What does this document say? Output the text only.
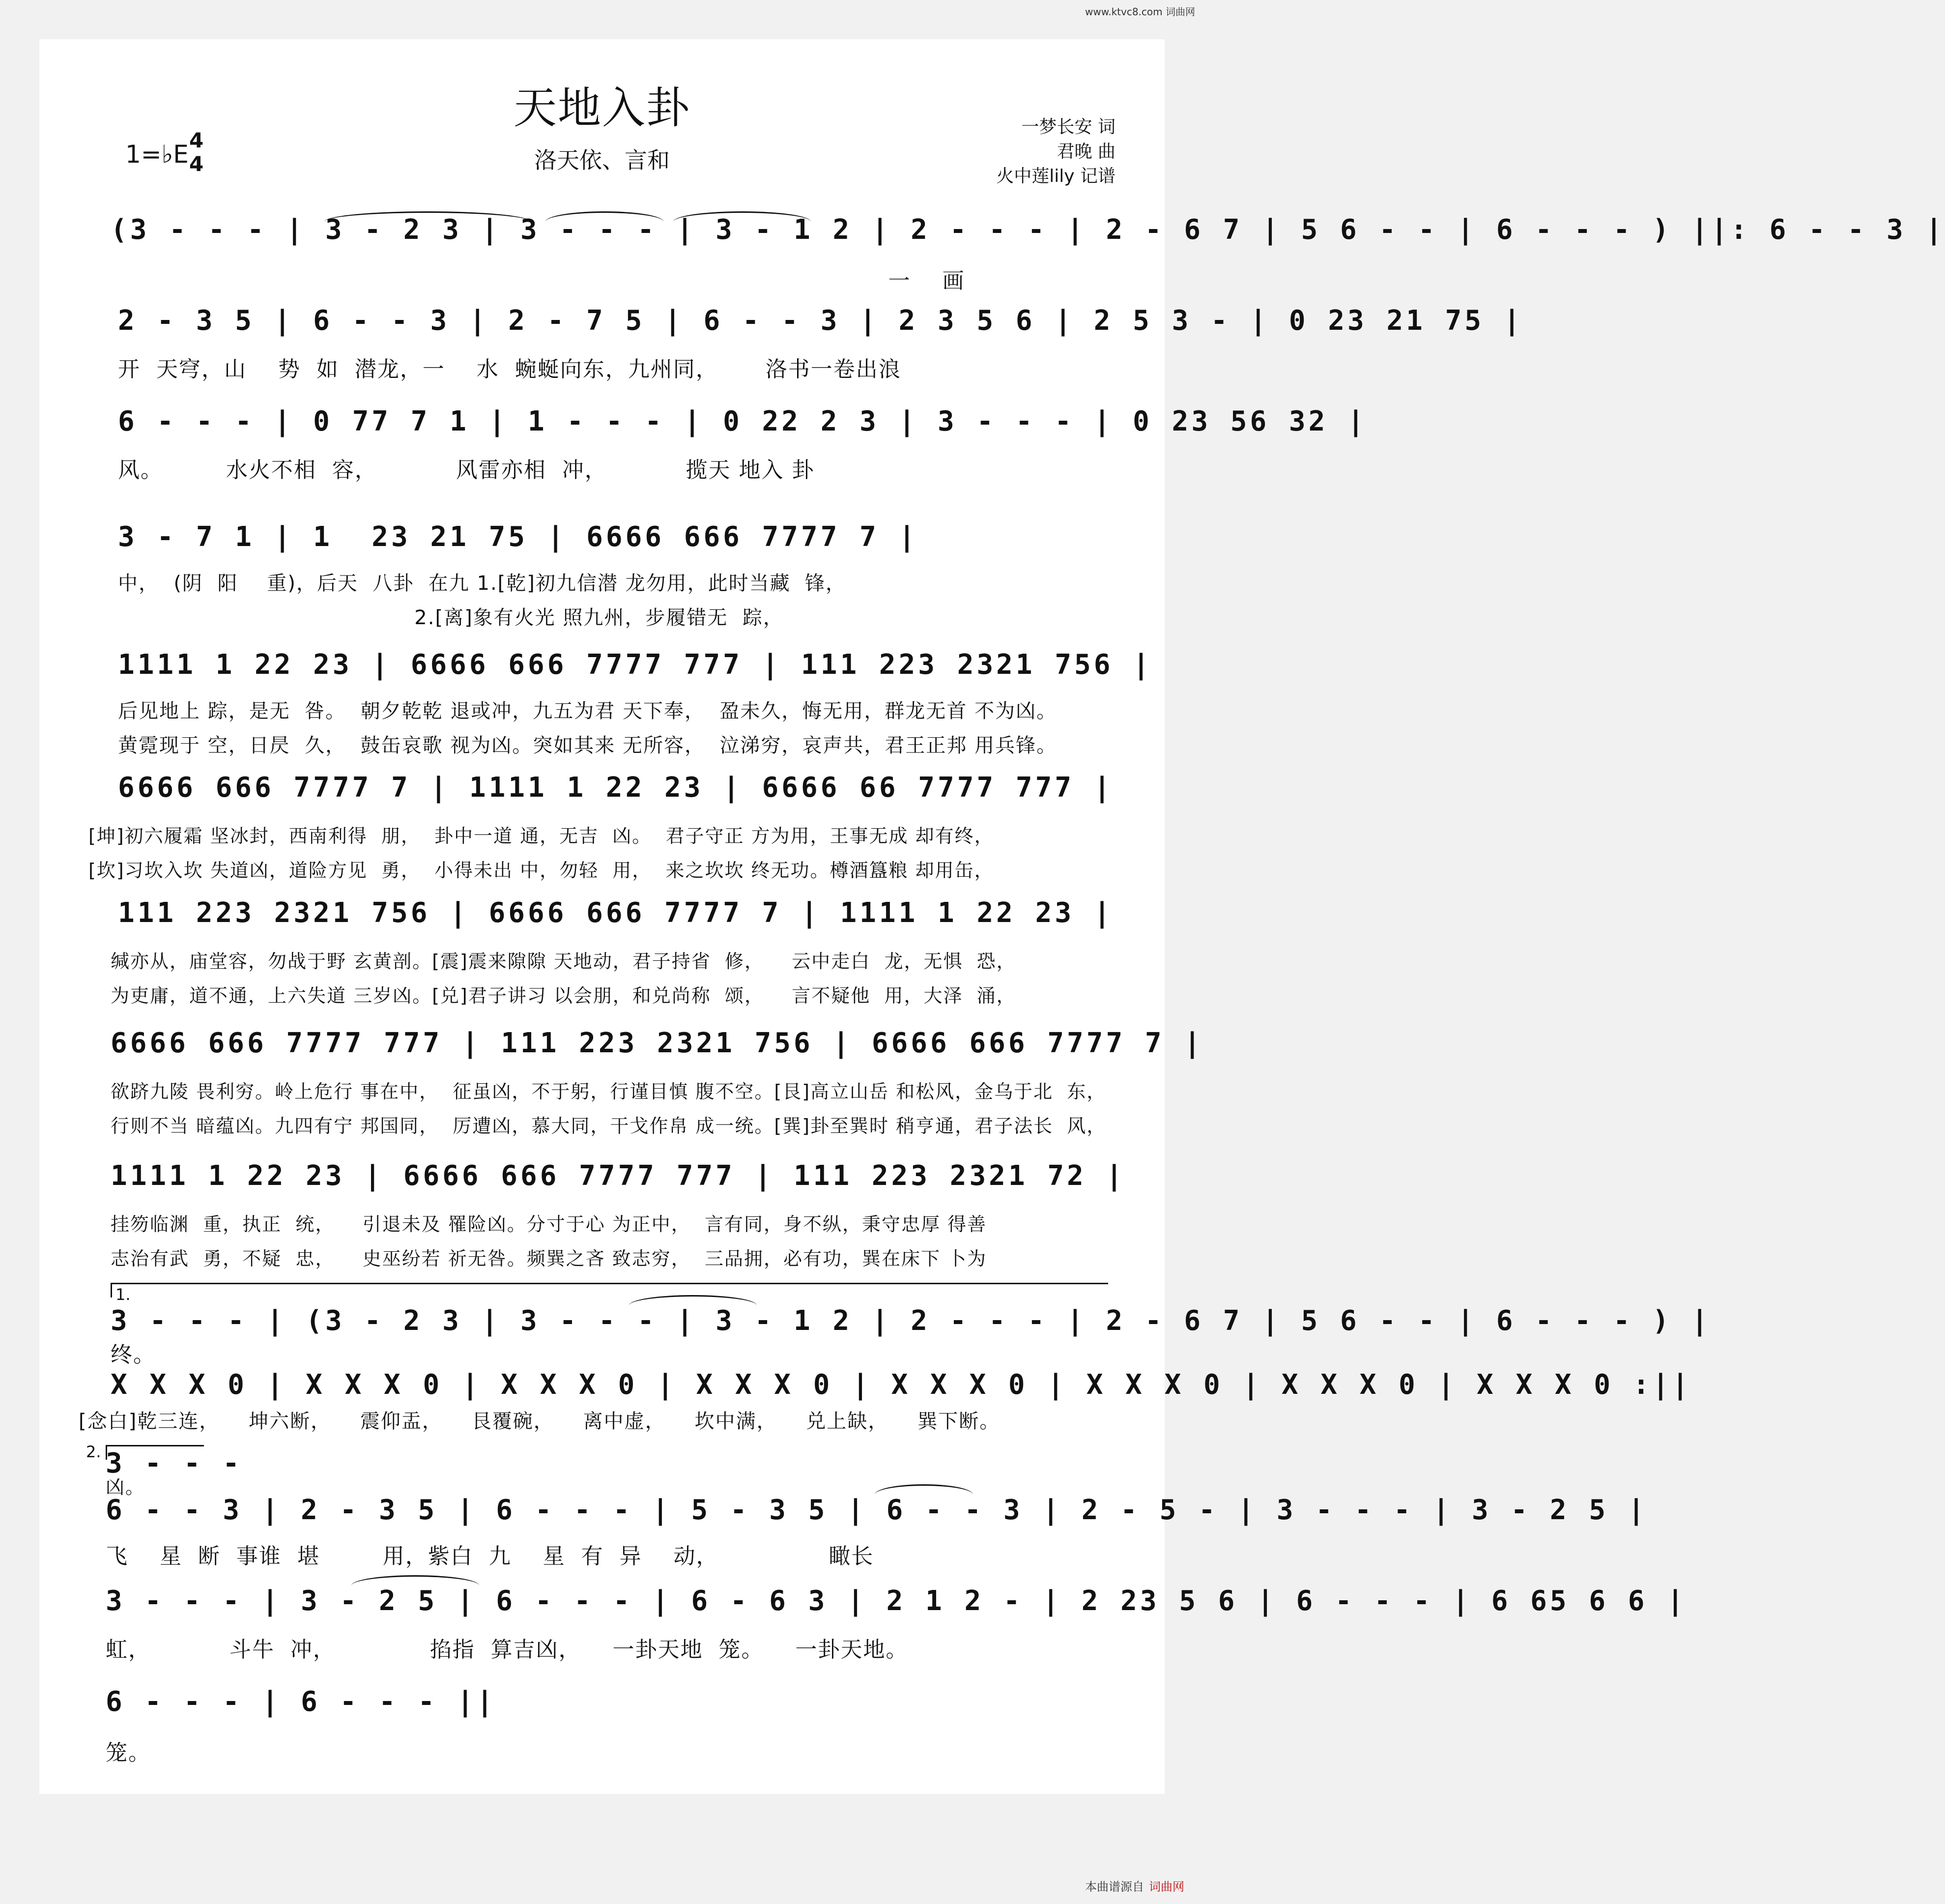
www.ktvc8.com 词曲网
天地入卦
洛天依、言和
一梦长安 词
君晚 曲
火中莲lily 记谱
1=♭E 4
4
(3 - - - | 3 - 2 3 | 3 - - - | 3 - 1 2 | 2 - - - | 2 - 6 7 | 5 6 - - | 6 - - - ) ||: 6 - - 3 |
一    画
2 - 3 5 | 6 - - 3 | 2 - 7 5 | 6 - - 3 | 2 3 5 6 | 2 5 3 - | 0 23 21 75 |
开  天穹，山    势  如  潜龙，一    水  蜿蜒向东，九州同，      洛书一卷出浪
6 - - - | 0 77 7 1 | 1 - - - | 0 22 2 3 | 3 - - - | 0 23 56 32 |
风。        水火不相  容，          风雷亦相  冲，          揽天 地入 卦
3 - 7 1 | 1  23 21 75 | 6666 666 7777 7 |
中，  (阴  阳    重)，后天  八卦  在九 1.[乾]初九信潜 龙勿用，此时当藏  锋，
2.[离]象有火光 照九州，步履错无  踪，
1111 1 22 23 | 6666 666 7777 777 | 111 223 2321 756 |
后见地上 踪，是无  咎。  朝夕乾乾 退或冲，九五为君 天下奉，  盈未久，悔无用，群龙无首 不为凶。
黄霓现于 空，日昃  久，  鼓缶哀歌 视为凶。突如其来 无所容，  泣涕穷，哀声共，君王正邦 用兵锋。
6666 666 7777 7 | 1111 1 22 23 | 6666 66 7777 777 |
[坤]初六履霜 坚冰封，西南利得  朋，  卦中一道 通，无吉  凶。  君子守正 方为用，王事无成 却有终，
[坎]习坎入坎 失道凶，道险方见  勇，  小得未出 中，勿轻  用，  来之坎坎 终无功。樽酒簋粮 却用缶，
111 223 2321 756 | 6666 666 7777 7 | 1111 1 22 23 |
缄亦从，庙堂容，勿战于野 玄黄剖。[震]震来隙隙 天地动，君子持省  修，    云中走白  龙，无惧  恐，
为吏庸，道不通，上六失道 三岁凶。[兑]君子讲习 以会朋，和兑尚称  颂，    言不疑他  用，大泽  涌，
6666 666 7777 777 | 111 223 2321 756 | 6666 666 7777 7 |
欲跻九陵 畏利穷。岭上危行 事在中，  征虽凶，不于躬，行谨目慎 腹不空。[艮]高立山岳 和松风，金乌于北  东，
行则不当 暗蕴凶。九四有宁 邦国同，  厉遭凶，慕大同，干戈作帛 成一统。[巽]卦至巽时 稍亨通，君子法长  风，
1111 1 22 23 | 6666 666 7777 777 | 111 223 2321 72 |
挂笏临渊  重，执正  统，    引退未及 罹险凶。分寸于心 为正中，  言有同，身不纵，秉守忠厚 得善
志治有武  勇，不疑  忠，    史巫纷若 祈无咎。频巽之吝 致志穷，  三品拥，必有功，巽在床下 卜为
1.
3 - - - | (3 - 2 3 | 3 - - - | 3 - 1 2 | 2 - - - | 2 - 6 7 | 5 6 - - | 6 - - - ) |
终。
X X X 0 | X X X 0 | X X X 0 | X X X 0 | X X X 0 | X X X 0 | X X X 0 | X X X 0 :||
[念白]乾三连，    坤六断，    震仰盂，    艮覆碗，    离中虚，    坎中满，    兑上缺，    巽下断。
2. 3 - - -
凶。
6 - - 3 | 2 - 3 5 | 6 - - - | 5 - 3 5 | 6 - - 3 | 2 - 5 - | 3 - - - | 3 - 2 5 |
飞    星  断  事谁  堪        用，紫白  九    星  有  异    动，              瞰长
3 - - - | 3 - 2 5 | 6 - - - | 6 - 6 3 | 2 1 2 - | 2 23 5 6 | 6 - - - | 6 65 6 6 |
虹，          斗牛  冲，            掐指  算吉凶，    一卦天地  笼。    一卦天地。
6 - - - | 6 - - - ||
笼。
本曲谱源自 词曲网
